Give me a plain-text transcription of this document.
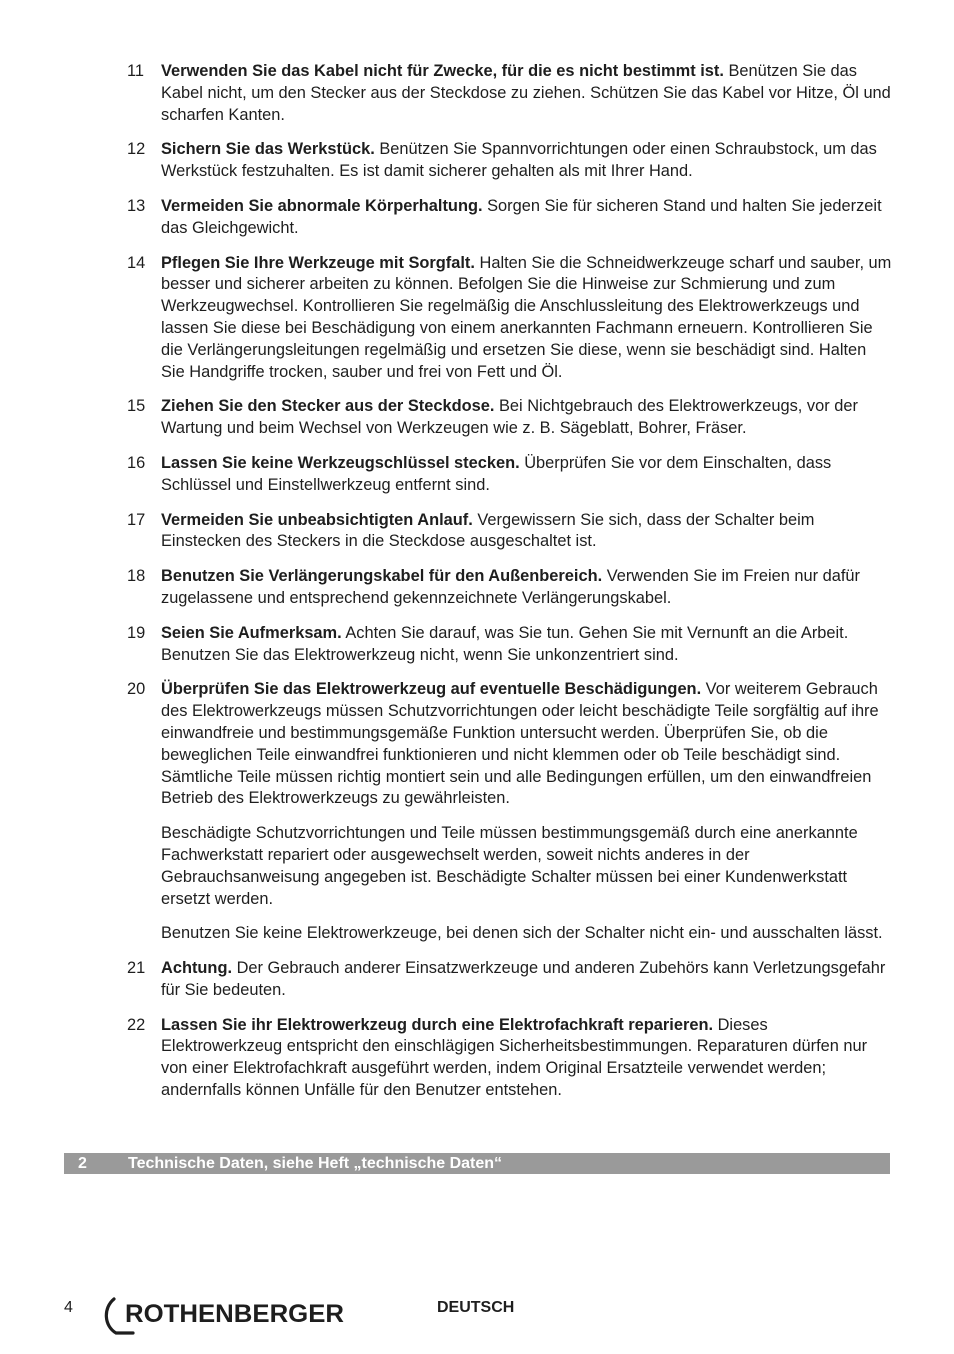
11	Verwenden Sie das Kabel nicht für Zwecke, für die es nicht bestimmt ist. Benützen Sie das Kabel nicht, um den Stecker aus der Steckdose zu ziehen. Schützen Sie das Kabel vor Hitze, Öl und scharfen Kanten.

12 Sichern Sie das Werkstück. Benützen Sie Spannvorrichtungen oder einen Schraubstock, um das Werkstück festzuhalten. Es ist damit sicherer gehalten als mit Ihrer Hand.

13 Vermeiden Sie abnormale Körperhaltung. Sorgen Sie für sicheren Stand und halten Sie jederzeit das Gleichgewicht.

14 Pflegen Sie Ihre Werkzeuge mit Sorgfalt. Halten Sie die Schneidwerkzeuge scharf und sauber, um besser und sicherer arbeiten zu können. Befolgen Sie die Hinweise zur Schmierung und zum Werkzeugwechsel. Kontrollieren Sie regelmäßig die Anschlussleitung des Elektrowerkzeugs und lassen Sie diese bei Beschädigung von einem anerkannten Fachmann erneuern. Kontrollieren Sie die Verlängerungsleitungen regelmäßig und ersetzen Sie diese, wenn sie beschädigt sind. Halten Sie Handgriffe trocken, sauber und frei von Fett und Öl.

15 Ziehen Sie den Stecker aus der Steckdose. Bei Nichtgebrauch des Elektrowerkzeugs, vor der Wartung und beim Wechsel von Werkzeugen wie z. B. Sägeblatt, Bohrer, Fräser.

16 Lassen Sie keine Werkzeugschlüssel stecken. Überprüfen Sie vor dem Einschalten, dass Schlüssel und Einstellwerkzeug entfernt sind.

17 Vermeiden Sie unbeabsichtigten Anlauf. Vergewissern Sie sich, dass der Schalter beim Einstecken des Steckers in die Steckdose ausgeschaltet ist.

18 Benutzen Sie Verlängerungskabel für den Außenbereich. Verwenden Sie im Freien nur dafür zugelassene und entsprechend gekennzeichnete Verlängerungskabel.

19 Seien Sie Aufmerksam. Achten Sie darauf, was Sie tun. Gehen Sie mit Vernunft an die Arbeit. Benutzen Sie das Elektrowerkzeug nicht, wenn Sie unkonzentriert sind.

20 Überprüfen Sie das Elektrowerkzeug auf eventuelle Beschädigungen. Vor weiterem Gebrauch des Elektrowerkzeugs müssen Schutzvorrichtungen oder leicht beschädigte Teile sorgfältig auf ihre einwandfreie und bestimmungsgemäße Funktion untersucht werden. Überprüfen Sie, ob die beweglichen Teile einwandfrei funktionieren und nicht klemmen oder ob Teile beschädigt sind. Sämtliche Teile müssen richtig montiert sein und alle Bedingungen erfüllen, um den einwandfreien Betrieb des Elektrowerkzeugs zu gewährleisten.

Beschädigte Schutzvorrichtungen und Teile müssen bestimmungsgemäß durch eine anerkannte Fachwerkstatt repariert oder ausgewechselt werden, soweit nichts anderes in der Gebrauchsanweisung angegeben ist. Beschädigte Schalter müssen bei einer Kundenwerkstatt ersetzt werden.

Benutzen Sie keine Elektrowerkzeuge, bei denen sich der Schalter nicht ein- und ausschalten lässt.

21 Achtung. Der Gebrauch anderer Einsatzwerkzeuge und anderen Zubehörs kann Verletzungsgefahr für Sie bedeuten.

22 Lassen Sie ihr Elektrowerkzeug durch eine Elektrofachkraft reparieren. Dieses Elektrowerkzeug entspricht den einschlägigen Sicherheitsbestimmungen. Reparaturen dürfen nur von einer Elektrofachkraft ausgeführt werden, indem Original Ersatzteile verwendet werden; andernfalls können Unfälle für den Benutzer entstehen.

2	Technische Daten, siehe Heft „technische Daten“
4 ROTHENBERGER	DEUTSCH
